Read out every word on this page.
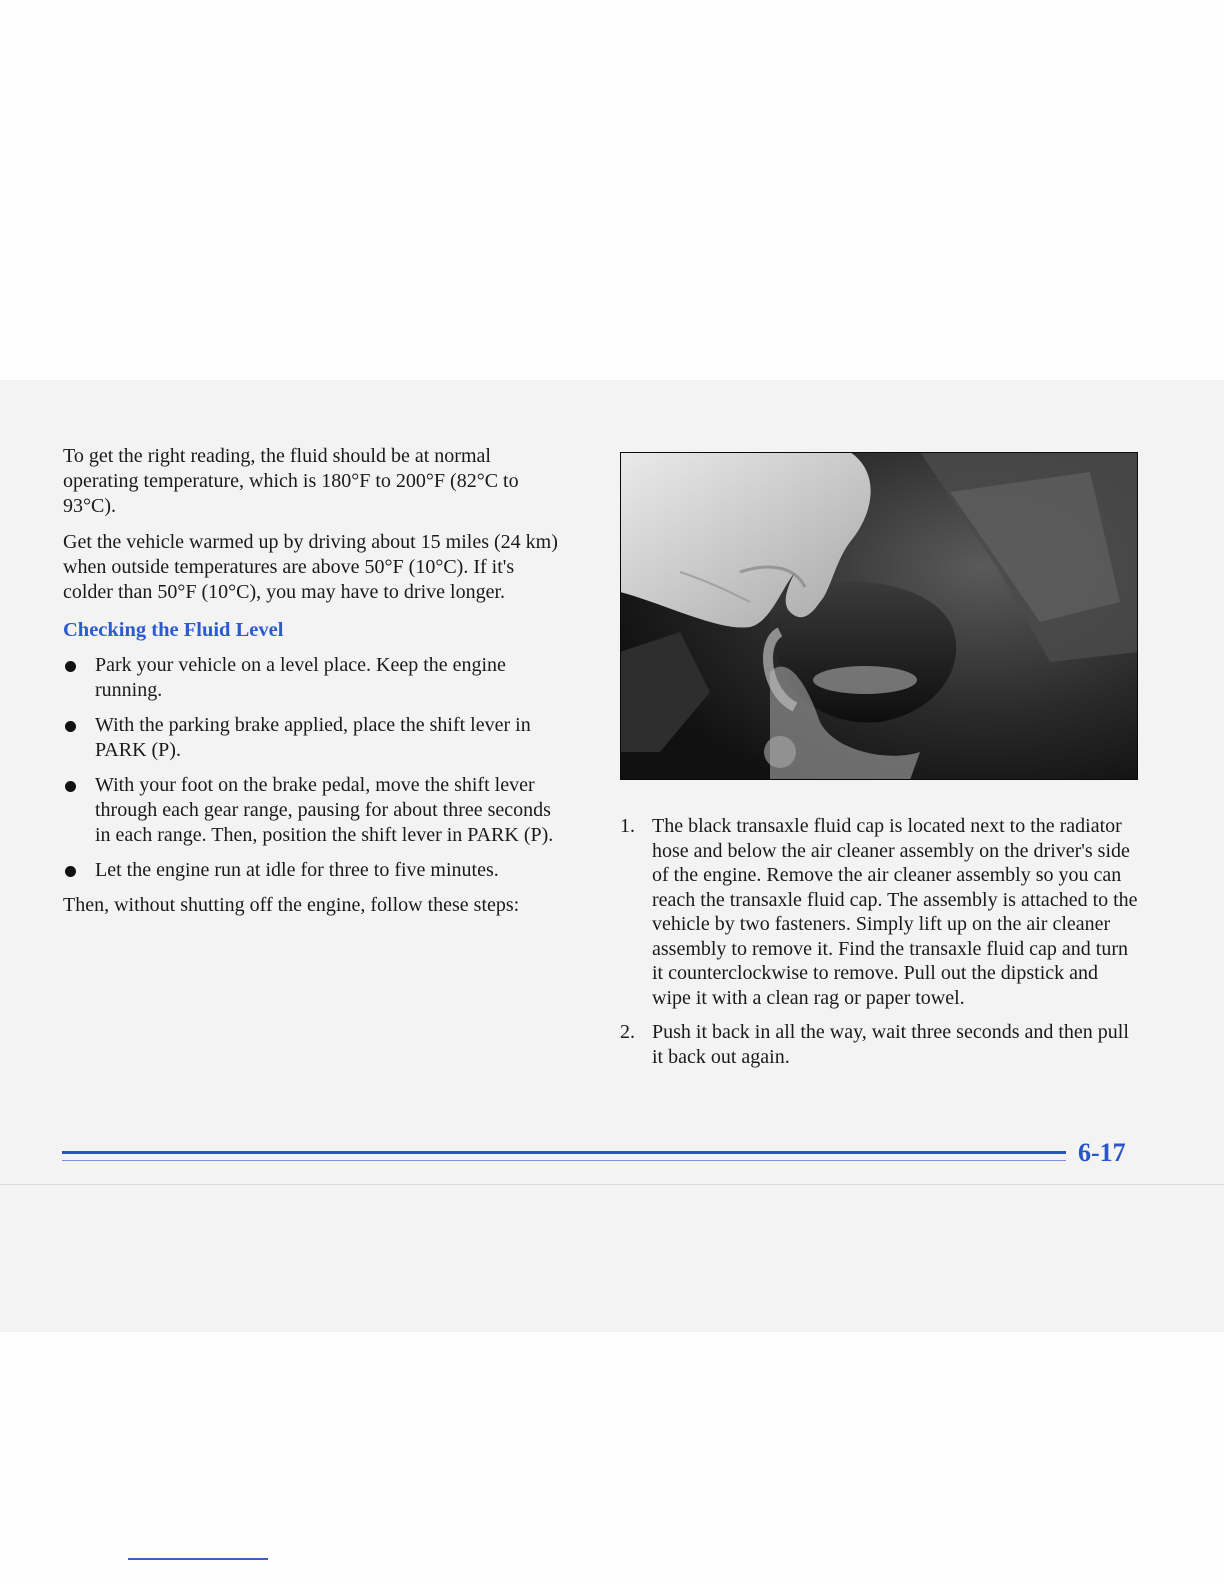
To get the right reading, the fluid should be at normal operating temperature, which is 180°F to 200°F (82°C to 93°C).

Get the vehicle warmed up by driving about 15 miles (24 km) when outside temperatures are above 50°F (10°C). If it's colder than 50°F (10°C), you may have to drive longer.

Checking the Fluid Level
Park your vehicle on a level place. Keep the engine running.
With the parking brake applied, place the shift lever in PARK (P).
With your foot on the brake pedal, move the shift lever through each gear range, pausing for about three seconds in each range. Then, position the shift lever in PARK (P).
Let the engine run at idle for three to five minutes.

Then, without shutting off the engine, follow these steps:

1. The black transaxle fluid cap is located next to the radiator hose and below the air cleaner assembly on the driver's side of the engine. Remove the air cleaner assembly so you can reach the transaxle fluid cap. The assembly is attached to the vehicle by two fasteners. Simply lift up on the air cleaner assembly to remove it. Find the transaxle fluid cap and turn it counterclockwise to remove. Pull out the dipstick and wipe it with a clean rag or paper towel.
2. Push it back in all the way, wait three seconds and then pull it back out again.
6-17
